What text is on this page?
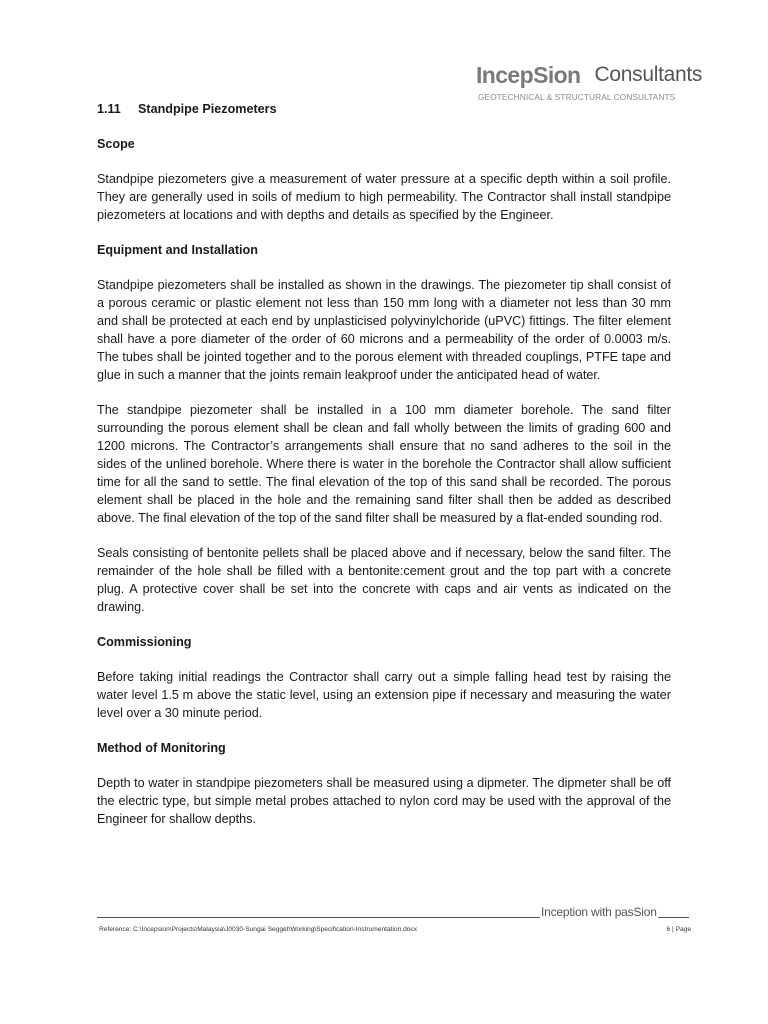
IncepSion Consultants
GEOTECHNICAL & STRUCTURAL CONSULTANTS
1.11 Standpipe Piezometers
Scope

Standpipe piezometers give a measurement of water pressure at a specific depth within a soil profile. They are generally used in soils of medium to high permeability. The Contractor shall install standpipe piezometers at locations and with depths and details as specified by the Engineer.

Equipment and Installation

Standpipe piezometers shall be installed as shown in the drawings. The piezometer tip shall consist of a porous ceramic or plastic element not less than 150 mm long with a diameter not less than 30 mm and shall be protected at each end by unplasticised polyvinylchoride (uPVC) fittings. The filter element shall have a pore diameter of the order of 60 microns and a permeability of the order of 0.0003 m/s. The tubes shall be jointed together and to the porous element with threaded couplings, PTFE tape and glue in such a manner that the joints remain leakproof under the anticipated head of water.

The standpipe piezometer shall be installed in a 100 mm diameter borehole. The sand filter surrounding the porous element shall be clean and fall wholly between the limits of grading 600 and 1200 microns. The Contractor’s arrangements shall ensure that no sand adheres to the soil in the sides of the unlined borehole. Where there is water in the borehole the Contractor shall allow sufficient time for all the sand to settle. The final elevation of the top of this sand shall be recorded. The porous element shall be placed in the hole and the remaining sand filter shall then be added as described above. The final elevation of the top of the sand filter shall be measured by a flat-ended sounding rod.

Seals consisting of bentonite pellets shall be placed above and if necessary, below the sand filter. The remainder of the hole shall be filled with a bentonite:cement grout and the top part with a concrete plug. A protective cover shall be set into the concrete with caps and air vents as indicated on the drawing.

Commissioning

Before taking initial readings the Contractor shall carry out a simple falling head test by raising the water level 1.5 m above the static level, using an extension pipe if necessary and measuring the water level over a 30 minute period.

Method of Monitoring

Depth to water in standpipe piezometers shall be measured using a dipmeter. The dipmeter shall be off the electric type, but simple metal probes attached to nylon cord may be used with the approval of the Engineer for shallow depths.

Inception with pasSion
Reference: C:\Incepsion\Projects\Malaysia\J0030-Sungai Segget\Working\Specification-Instrumentation.docx	6 | Page
